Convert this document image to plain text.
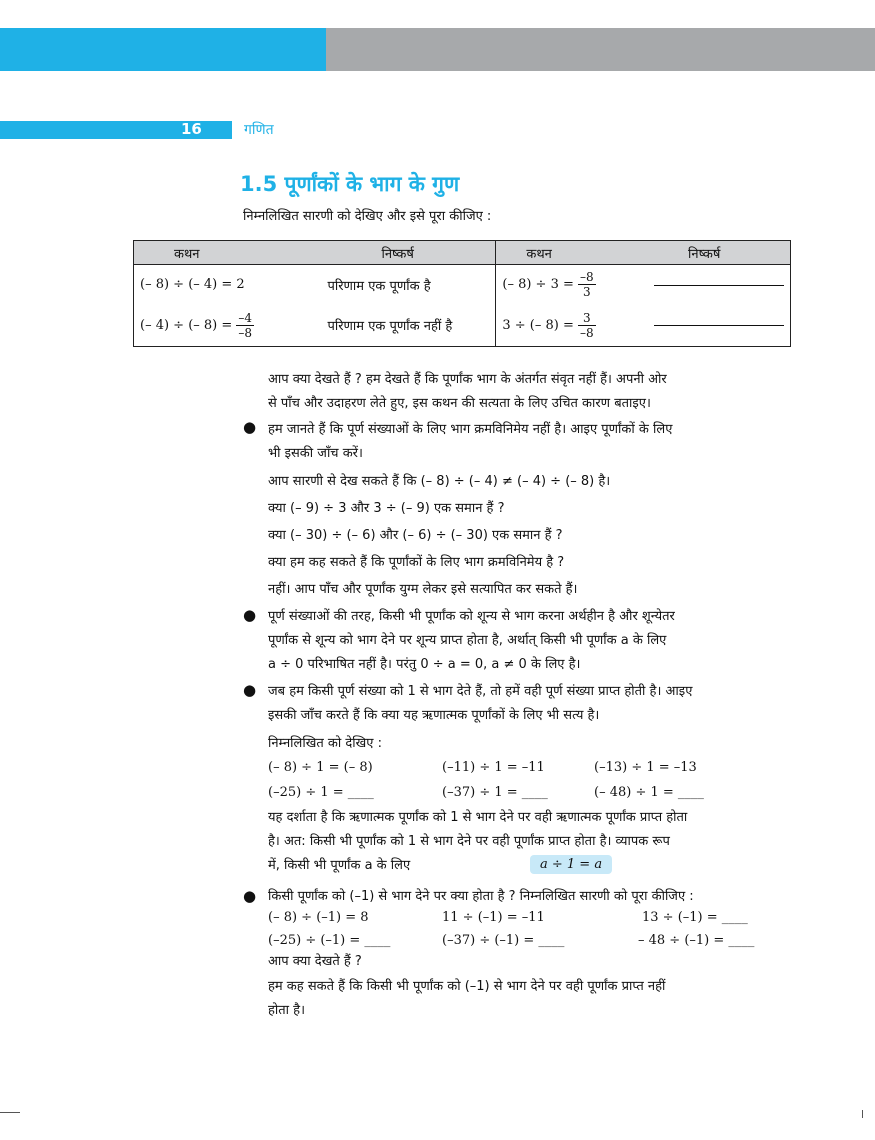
16	गणित
1.5 पूर्णांकों के भाग के गुण
निम्नलिखित सारणी को देखिए और इसे पूरा कीजिए :
कथन	निष्कर्ष	कथन	निष्कर्ष
(– 8) ÷ (– 4) = 2	परिणाम एक पूर्णांक है	(– $8) \div 3 = \frac{-8}{3}$

(– 4) ÷ (– $8) = \frac{-4}{-8}$	परिणाम एक पूर्णांक नहीं है	3 ÷ (– $8) = \frac{3}{-8}$

आप क्या देखते हैं ? हम देखते हैं कि पूर्णांक भाग के अंतर्गत संवृत नहीं हैं। अपनी ओर
से पाँच और उदाहरण लेते हुए, इस कथन की सत्यता के लिए उचित कारण बताइए।
● हम जानते हैं कि पूर्ण संख्याओं के लिए भाग क्रमविनिमेय नहीं है। आइए पूर्णांकों के लिए
भी इसकी जाँच करें।
आप सारणी से देख सकते हैं कि (– 8) ÷ (– 4) ≠ (– 4) ÷ (– 8) है।
क्या (– 9) ÷ 3 और 3 ÷ (– 9) एक समान हैं ?
क्या (– 30) ÷ (– 6) और (– 6) ÷ (– 30) एक समान हैं ?
क्या हम कह सकते हैं कि पूर्णांकों के लिए भाग क्रमविनिमेय है ?
नहीं। आप पाँच और पूर्णांक युग्म लेकर इसे सत्यापित कर सकते हैं।
● पूर्ण संख्याओं की तरह, किसी भी पूर्णांक को शून्य से भाग करना अर्थहीन है और शून्येतर
पूर्णांक से शून्य को भाग देने पर शून्य प्राप्त होता है, अर्थात् किसी भी पूर्णांक a के लिए
a ÷ 0 परिभाषित नहीं है। परंतु 0 ÷ a = 0, a ≠ 0 के लिए है।
● जब हम किसी पूर्ण संख्या को 1 से भाग देते हैं, तो हमें वही पूर्ण संख्या प्राप्त होती है। आइए
इसकी जाँच करते हैं कि क्या यह ऋणात्मक पूर्णांकों के लिए भी सत्य है।
निम्नलिखित को देखिए :
(– 8) ÷ 1 = (– 8)	(–11) ÷ 1 = –11	(–13) ÷ 1 = –13
(–25) ÷ 1 = ____	(–37) ÷ 1 = ____	(– 48) ÷ 1 = ____
यह दर्शाता है कि ऋणात्मक पूर्णांक को 1 से भाग देने पर वही ऋणात्मक पूर्णांक प्राप्त होता
है। अत: किसी भी पूर्णांक को 1 से भाग देने पर वही पूर्णांक प्राप्त होता है। व्यापक रूप
में, किसी भी पूर्णांक a के लिए	a ÷ 1 = a
● किसी पूर्णांक को (–1) से भाग देने पर क्या होता है ? निम्नलिखित सारणी को पूरा कीजिए :
(– 8) ÷ (–1) = 8	11 ÷ (–1) = –11	13 ÷ (–1) = ____
(–25) ÷ (–1) = ____	(–37) ÷ (–1) = ____	– 48 ÷ (–1) = ____
आप क्या देखते हैं ?
हम कह सकते हैं कि किसी भी पूर्णांक को (–1) से भाग देने पर वही पूर्णांक प्राप्त नहीं
होता है।
